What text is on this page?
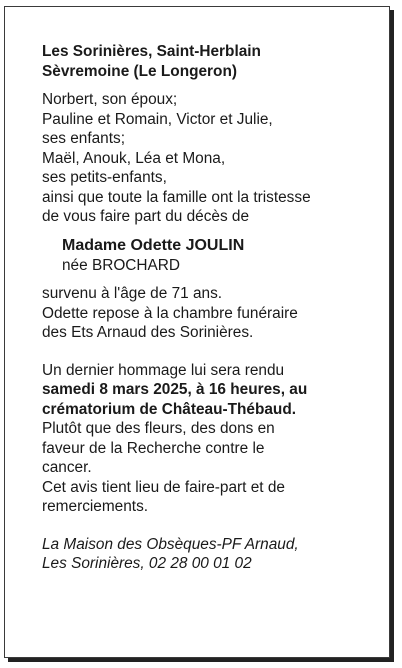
Les Sorinières, Saint-Herblain
Sèvremoine (Le Longeron)
Norbert, son époux;
Pauline et Romain, Victor et Julie,
ses enfants;
Maël, Anouk, Léa et Mona,
ses petits-enfants,
ainsi que toute la famille ont la tristesse
de vous faire part du décès de
Madame Odette JOULIN
née BROCHARD
survenu à l'âge de 71 ans.
Odette repose à la chambre funéraire
des Ets Arnaud des Sorinières.
Un dernier hommage lui sera rendu
samedi 8 mars 2025, à 16 heures, au
crématorium de Château-Thébaud.
Plutôt que des fleurs, des dons en
faveur de la Recherche contre le
cancer.
Cet avis tient lieu de faire-part et de
remerciements.
La Maison des Obsèques-PF Arnaud,
Les Sorinières, 02 28 00 01 02
